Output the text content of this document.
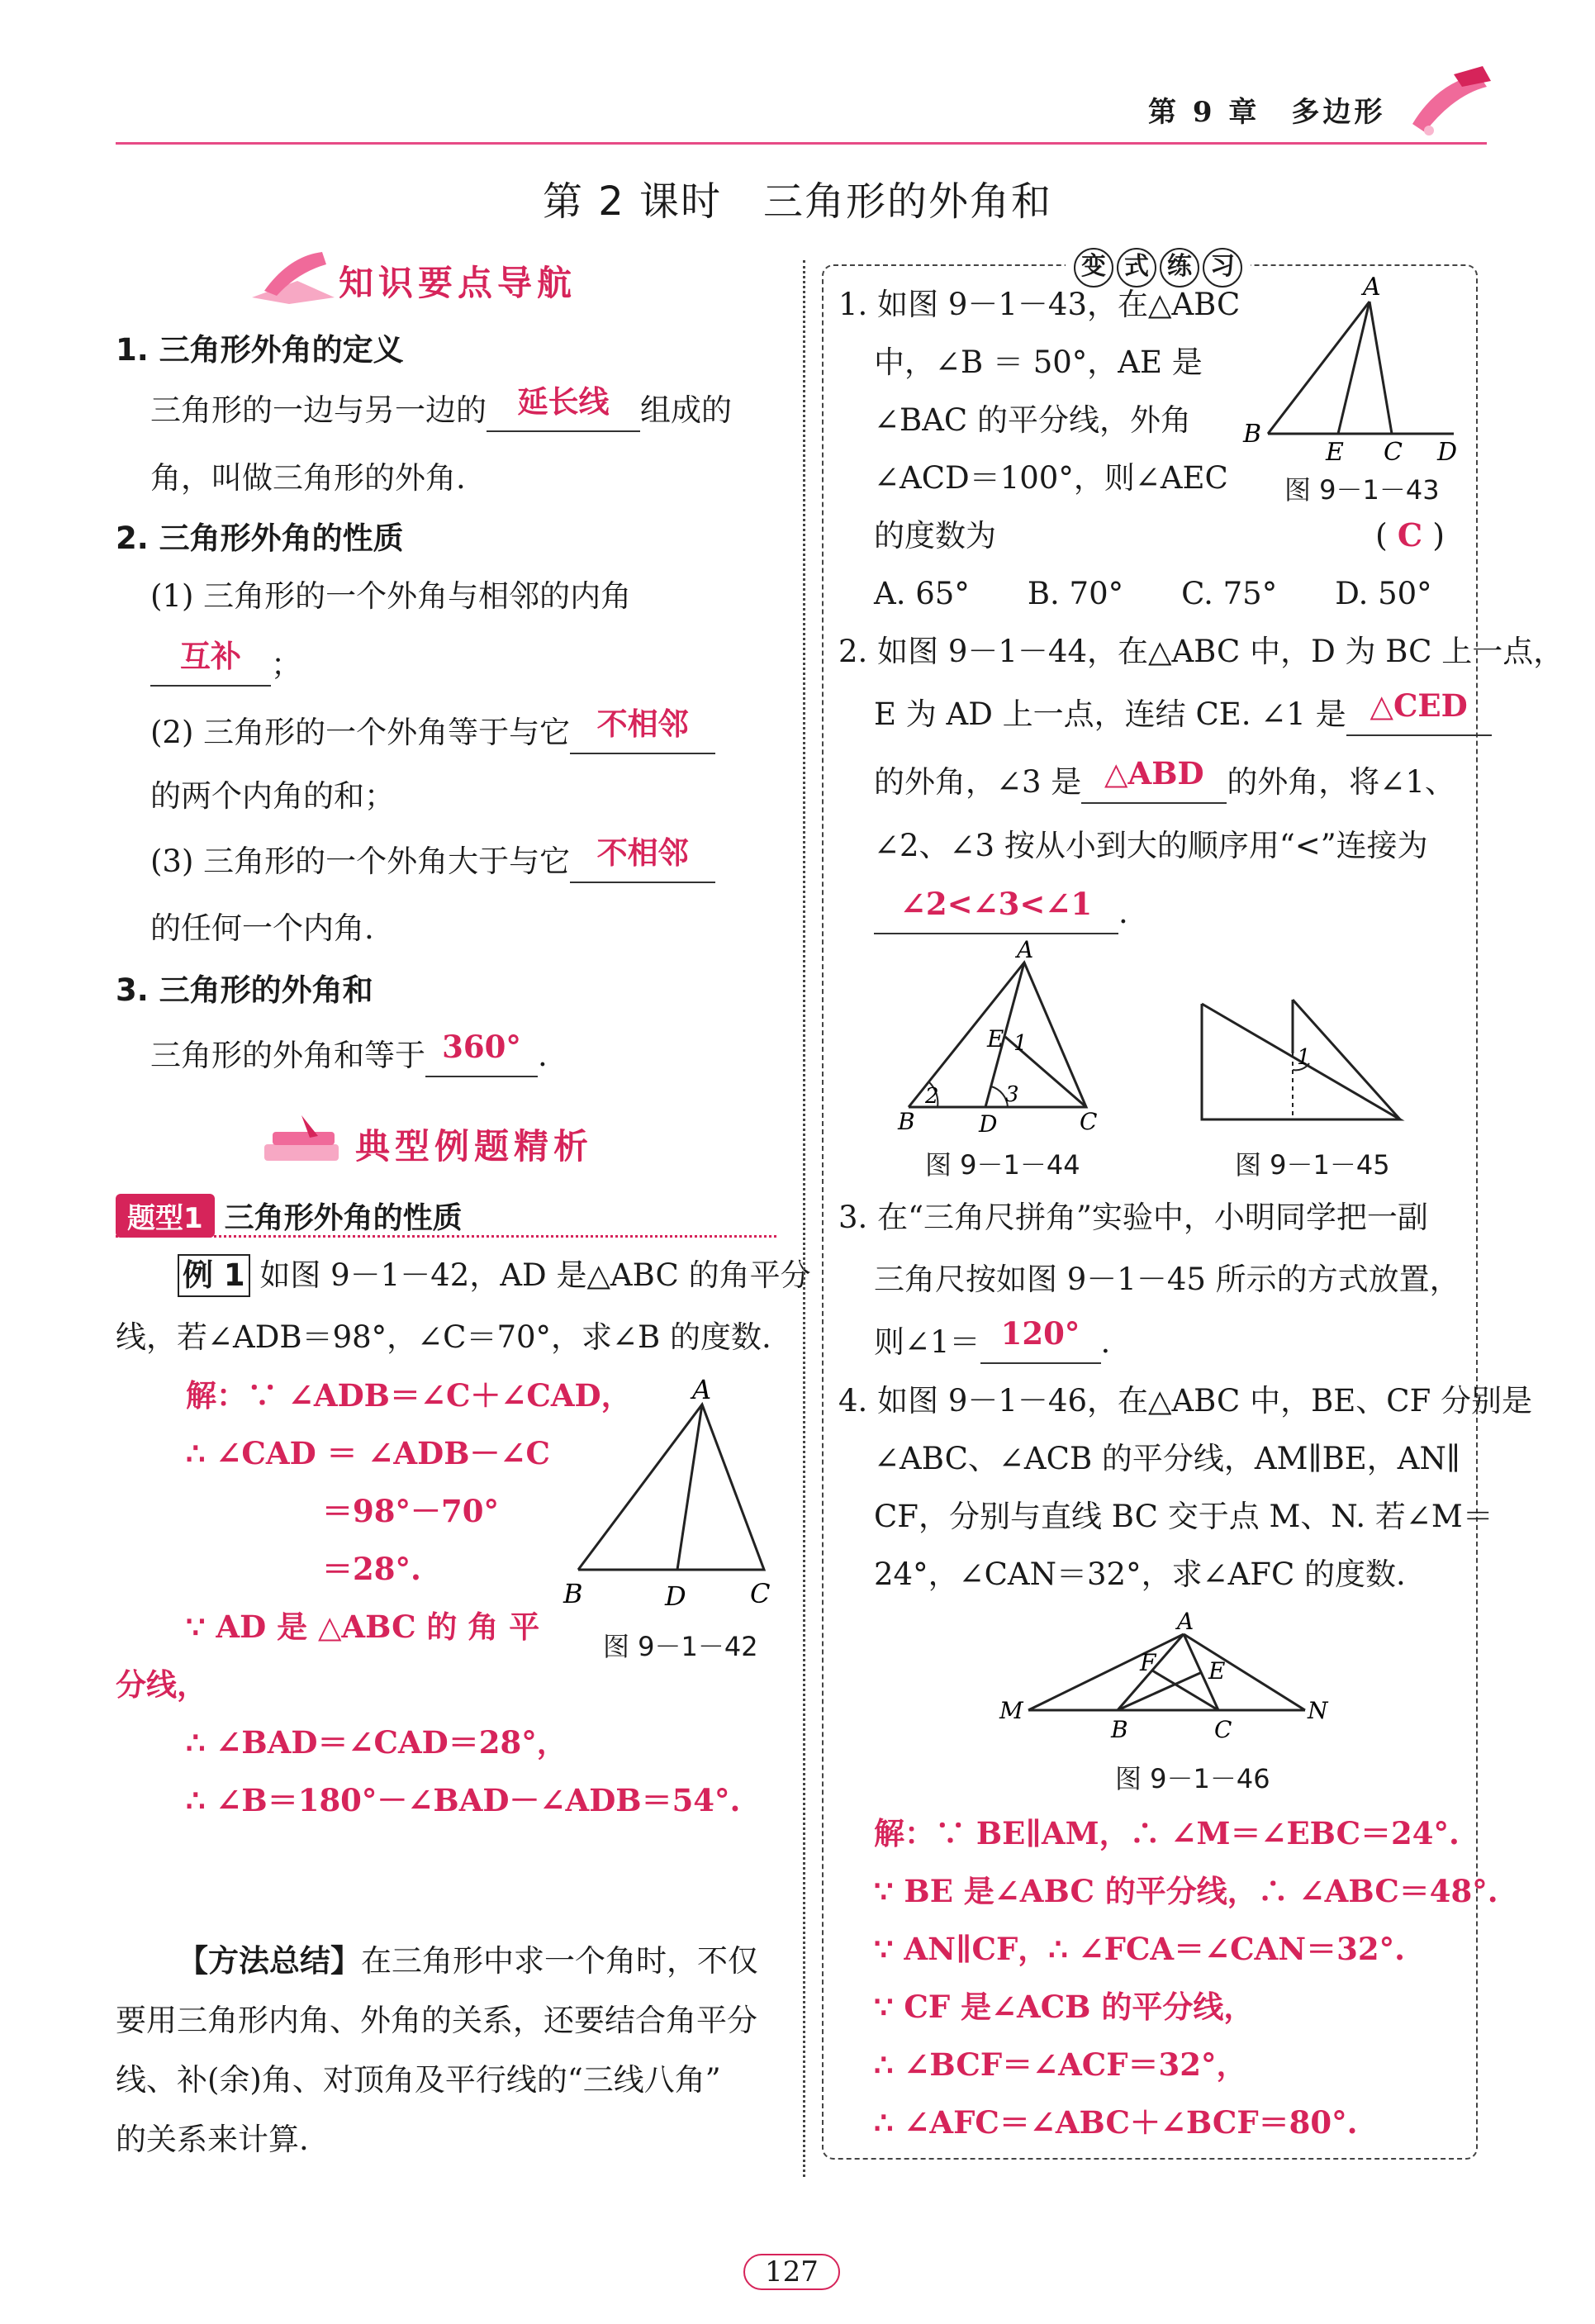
第 9 章　多边形
第 2 课时　三角形的外角和
知识要点导航
1. 三角形外角的定义
三角形的一边与另一边的 延长线 组成的
角，叫做三角形的外角.
2. 三角形外角的性质
(1) 三角形的一个外角与相邻的内角
互补 ；
(2) 三角形的一个外角等于与它 不相邻
的两个内角的和；
(3) 三角形的一个外角大于与它 不相邻
的任何一个内角.
3. 三角形的外角和
三角形的外角和等于 360° .
典型例题精析
题型1 三角形外角的性质
例 1 如图 9－1－42，AD 是△ABC 的角平分
线，若∠ADB＝98°，∠C＝70°，求∠B 的度数.
解：∵ ∠ADB＝∠C＋∠CAD，
∴ ∠CAD ＝ ∠ADB－∠C
＝98°－70°
＝28°.
∵ AD 是 △ABC 的 角 平
分线，
∴ ∠BAD＝∠CAD＝28°，
∴ ∠B＝180°－∠BAD－∠ADB＝54°.
A
B	D C
图 9－1－42
【方法总结】在三角形中求一个角时，不仅
要用三角形内角、外角的关系，还要结合角平分
线、补(余)角、对顶角及平行线的“三线八角”
的关系来计算.
变 式 练 习
1. 如图 9－1－43，在△ABC
中，∠B ＝ 50°，AE 是
∠BAC 的平分线，外角
∠ACD＝100°，则∠AEC
的度数为	( C )
A. 65° B. 70° C. 75° D. 50°
A
B
E C D
图 9－1－43
2. 如图 9－1－44，在△ABC 中，D 为 BC 上一点，
E 为 AD 上一点，连结 CE. ∠1 是 △CED
的外角，∠3 是 △ABD 的外角，将∠1、
∠2、∠3 按从小到大的顺序用“<”连接为
∠2<∠3<∠1 .
A
E 1
2	3
B	D	C
图 9－1－44
1
图 9－1－45
3. 在“三角尺拼角”实验中，小明同学把一副
三角尺按如图 9－1－45 所示的方式放置，
则∠1＝ 120° .
4. 如图 9－1－46，在△ABC 中，BE、CF 分别是
∠ABC、∠ACB 的平分线，AM∥BE，AN∥
CF，分别与直线 BC 交于点 M、N. 若∠M＝
24°，∠CAN＝32°，求∠AFC 的度数.
A
F E
M
B	C
N
图 9－1－46
解：∵ BE∥AM，∴ ∠M＝∠EBC＝24°.
∵ BE 是∠ABC 的平分线，∴ ∠ABC＝48°.
∵ AN∥CF，∴ ∠FCA＝∠CAN＝32°.
∵ CF 是∠ACB 的平分线，
∴ ∠BCF＝∠ACF＝32°，
∴ ∠AFC＝∠ABC＋∠BCF＝80°.
127
